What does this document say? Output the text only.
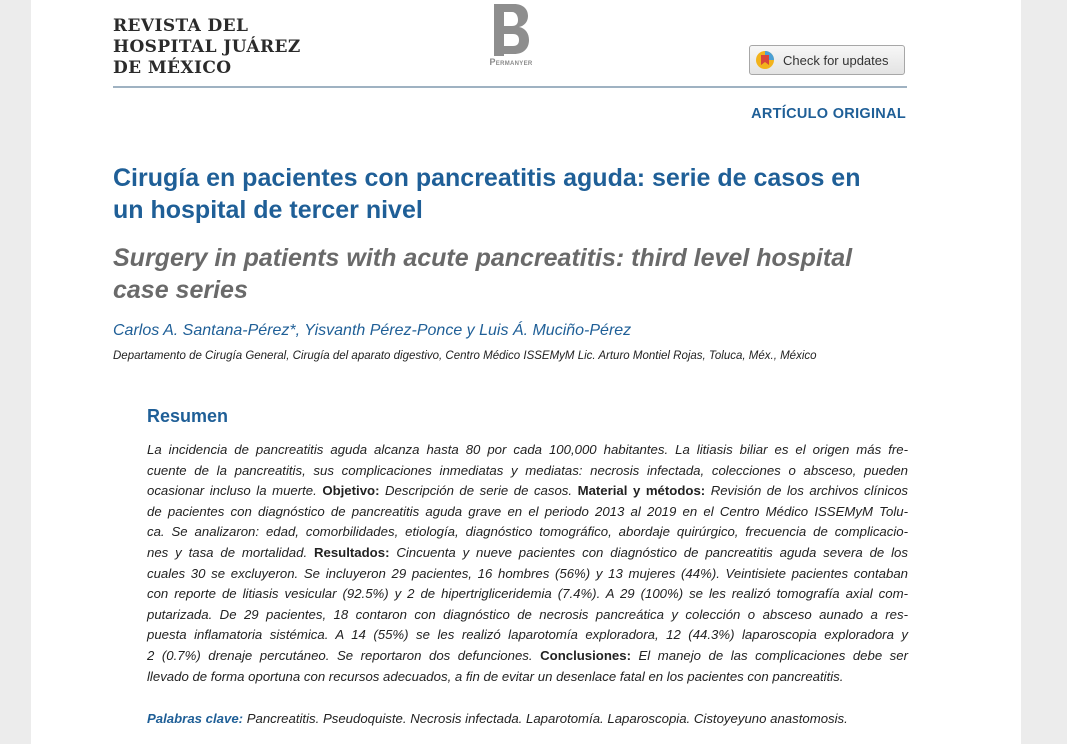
REVISTA DEL
HOSPITAL JUÁREZ
DE MÉXICO	Permanyer	Check for updates
ARTÍCULO ORIGINAL
Cirugía en pacientes con pancreatitis aguda: serie de casos en
un hospital de tercer nivel
Surgery in patients with acute pancreatitis: third level hospital
case series
Carlos A. Santana-Pérez*, Yisvanth Pérez-Ponce y Luis Á. Muciño-Pérez
Departamento de Cirugía General, Cirugía del aparato digestivo, Centro Médico ISSEMyM Lic. Arturo Montiel Rojas, Toluca, Méx., México
Resumen
La incidencia de pancreatitis aguda alcanza hasta 80 por cada 100,000 habitantes. La litiasis biliar es el origen más fre-
cuente de la pancreatitis, sus complicaciones inmediatas y mediatas: necrosis infectada, colecciones o absceso, pueden
ocasionar incluso la muerte. Objetivo: Descripción de serie de casos. Material y métodos: Revisión de los archivos clínicos
de pacientes con diagnóstico de pancreatitis aguda grave en el periodo 2013 al 2019 en el Centro Médico ISSEMyM Tolu-
ca. Se analizaron: edad, comorbilidades, etiología, diagnóstico tomográfico, abordaje quirúrgico, frecuencia de complicacio-
nes y tasa de mortalidad. Resultados: Cincuenta y nueve pacientes con diagnóstico de pancreatitis aguda severa de los
cuales 30 se excluyeron. Se incluyeron 29 pacientes, 16 hombres (56%) y 13 mujeres (44%). Veintisiete pacientes contaban
con reporte de litiasis vesicular (92.5%) y 2 de hipertrigliceridemia (7.4%). A 29 (100%) se les realizó tomografía axial com-
putarizada. De 29 pacientes, 18 contaron con diagnóstico de necrosis pancreática y colección o absceso aunado a res-
puesta inflamatoria sistémica. A 14 (55%) se les realizó laparotomía exploradora, 12 (44.3%) laparoscopia exploradora y
2 (0.7%) drenaje percutáneo. Se reportaron dos defunciones. Conclusiones: El manejo de las complicaciones debe ser
llevado de forma oportuna con recursos adecuados, a fin de evitar un desenlace fatal en los pacientes con pancreatitis.
Palabras clave: Pancreatitis. Pseudoquiste. Necrosis infectada. Laparotomía. Laparoscopia. Cistoyeyuno anastomosis.
